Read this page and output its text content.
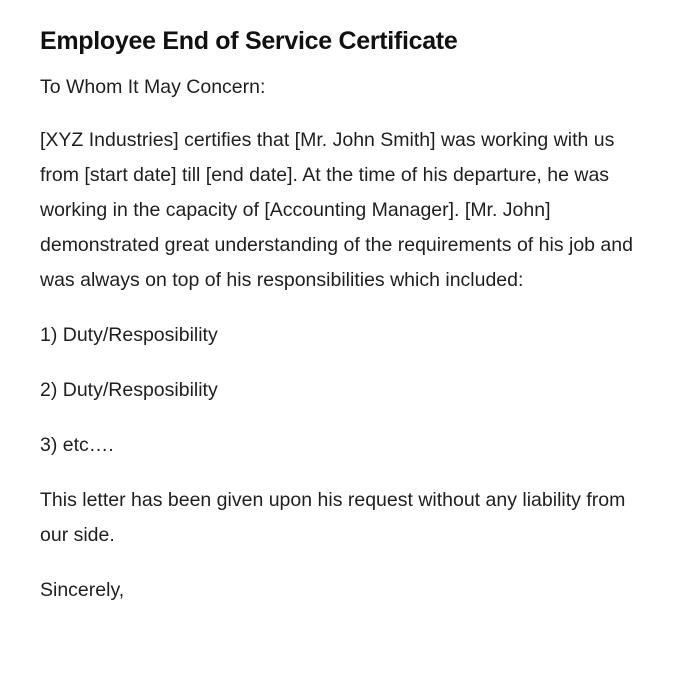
Employee End of Service Certificate

To Whom It May Concern:

[XYZ Industries] certifies that [Mr. John Smith] was working with us from [start date] till [end date]. At the time of his departure, he was working in the capacity of [Accounting Manager]. [Mr. John] demonstrated great understanding of the requirements of his job and was always on top of his responsibilities which included:

1) Duty/Resposibility

2) Duty/Resposibility

3) etc….

This letter has been given upon his request without any liability from our side.

Sincerely,
